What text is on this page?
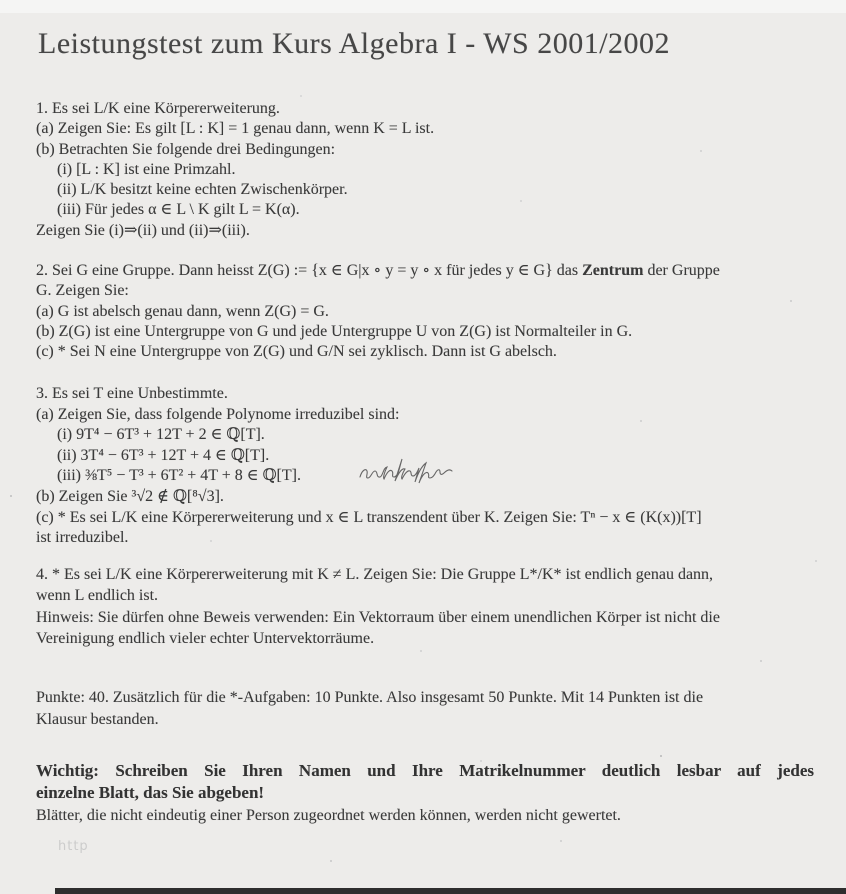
Leistungstest zum Kurs Algebra I - WS 2001/2002
1. Es sei L/K eine Körpererweiterung.
(a) Zeigen Sie: Es gilt [L : K] = 1 genau dann, wenn K = L ist.
(b) Betrachten Sie folgende drei Bedingungen:
(i) [L : K] ist eine Primzahl.
(ii) L/K besitzt keine echten Zwischenkörper.
(iii) Für jedes α ∈ L \ K gilt L = K(α).
Zeigen Sie (i)⇒(ii) und (ii)⇒(iii).
2. Sei G eine Gruppe. Dann heisst Z(G) := {x ∈ G|x ∘ y = y ∘ x für jedes y ∈ G} das Zentrum der Gruppe
G. Zeigen Sie:
(a) G ist abelsch genau dann, wenn Z(G) = G.
(b) Z(G) ist eine Untergruppe von G und jede Untergruppe U von Z(G) ist Normalteiler in G.
(c) * Sei N eine Untergruppe von Z(G) und G/N sei zyklisch. Dann ist G abelsch.
3. Es sei T eine Unbestimmte.
(a) Zeigen Sie, dass folgende Polynome irreduzibel sind:
(i) 9T⁴ − 6T³ + 12T + 2 ∈ ℚ[T].
(ii) 3T⁴ − 6T³ + 12T + 4 ∈ ℚ[T].
(iii) ⅜T⁵ − T³ + 6T² + 4T + 8 ∈ ℚ[T].
(b) Zeigen Sie ³√2 ∉ ℚ[⁸√3].
(c) * Es sei L/K eine Körpererweiterung und x ∈ L transzendent über K. Zeigen Sie: Tⁿ − x ∈ (K(x))[T]
ist irreduzibel.
4. * Es sei L/K eine Körpererweiterung mit K ≠ L. Zeigen Sie: Die Gruppe L*/K* ist endlich genau dann,
wenn L endlich ist.
Hinweis: Sie dürfen ohne Beweis verwenden: Ein Vektorraum über einem unendlichen Körper ist nicht die
Vereinigung endlich vieler echter Untervektorräume.
Punkte: 40. Zusätzlich für die *-Aufgaben: 10 Punkte. Also insgesamt 50 Punkte. Mit 14 Punkten ist die
Klausur bestanden.
Wichtig: Schreiben Sie Ihren Namen und Ihre Matrikelnummer deutlich lesbar auf jedes
einzelne Blatt, das Sie abgeben!
Blätter, die nicht eindeutig einer Person zugeordnet werden können, werden nicht gewertet.
http
